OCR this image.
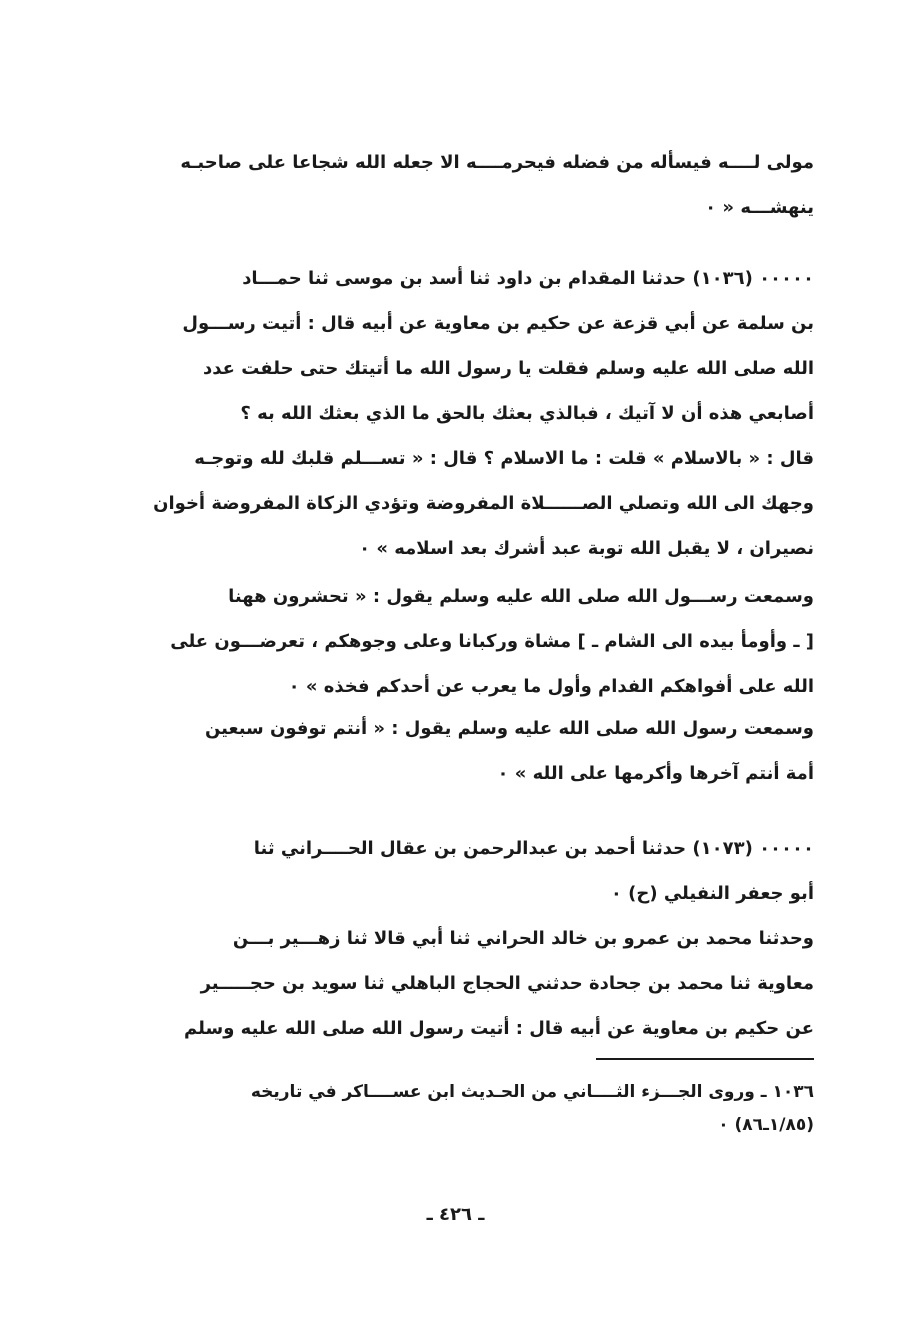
مولى لــــه فيسأله من فضله فيحرمــــه الا جعله الله شجاعا على صاحبـه
ينهشـــه « ٠

٠٠٠٠٠ (١٠٣٦) حدثنا المقدام بن داود ثنا أسد بن موسى ثنا حمـــاد
بن سلمة عن أبي قزعة عن حكيم بن معاوية عن أبيه قال : أتيت رســـول
الله صلى الله عليه وسلم فقلت يا رسول الله ما أتيتك حتى حلفت عدد
أصابعي هذه أن لا آتيك ، فبالذي بعثك بالحق ما الذي بعثك الله به ؟
قال : « بالاسلام » قلت : ما الاسلام ؟ قال : « تســـلم قلبك لله وتوجـه
وجهك الى الله وتصلي الصــــــلاة المفروضة وتؤدي الزكاة المفروضة أخوان
نصيران ، لا يقبل الله توبة عبد أشرك بعد اسلامه » ٠

وسمعت رســـول الله صلى الله عليه وسلم يقول : « تحشرون ههنا
[ ـ وأومأ بيده الى الشام ـ ] مشاة وركبانا وعلى وجوهكم ، تعرضـــون على
الله على أفواهكم الفدام وأول ما يعرب عن أحدكم فخذه » ٠

وسمعت رسول الله صلى الله عليه وسلم يقول : « أنتم توفون سبعين
أمة أنتم آخرها وأكرمها على الله » ٠

٠٠٠٠٠ (١٠٧٣) حدثنا أحمد بن عبدالرحمن بن عقال الحــــراني ثنا
أبو جعفر النفيلي (ح) ٠

وحدثنا محمد بن عمرو بن خالد الحراني ثنا أبي قالا ثنا زهـــير بـــن
معاوية ثنا محمد بن جحادة حدثني الحجاج الباهلي ثنا سويد بن حجـــــير
عن حكيم بن معاوية عن أبيه قال : أتيت رسول الله صلى الله عليه وسلم

١٠٣٦ ـ وروى الجـــزء الثــــاني من الحـديث ابن عســــاكر في تاريخه
(١/٨٥ـ٨٦) ٠

ـ ٤٢٦ ـ
